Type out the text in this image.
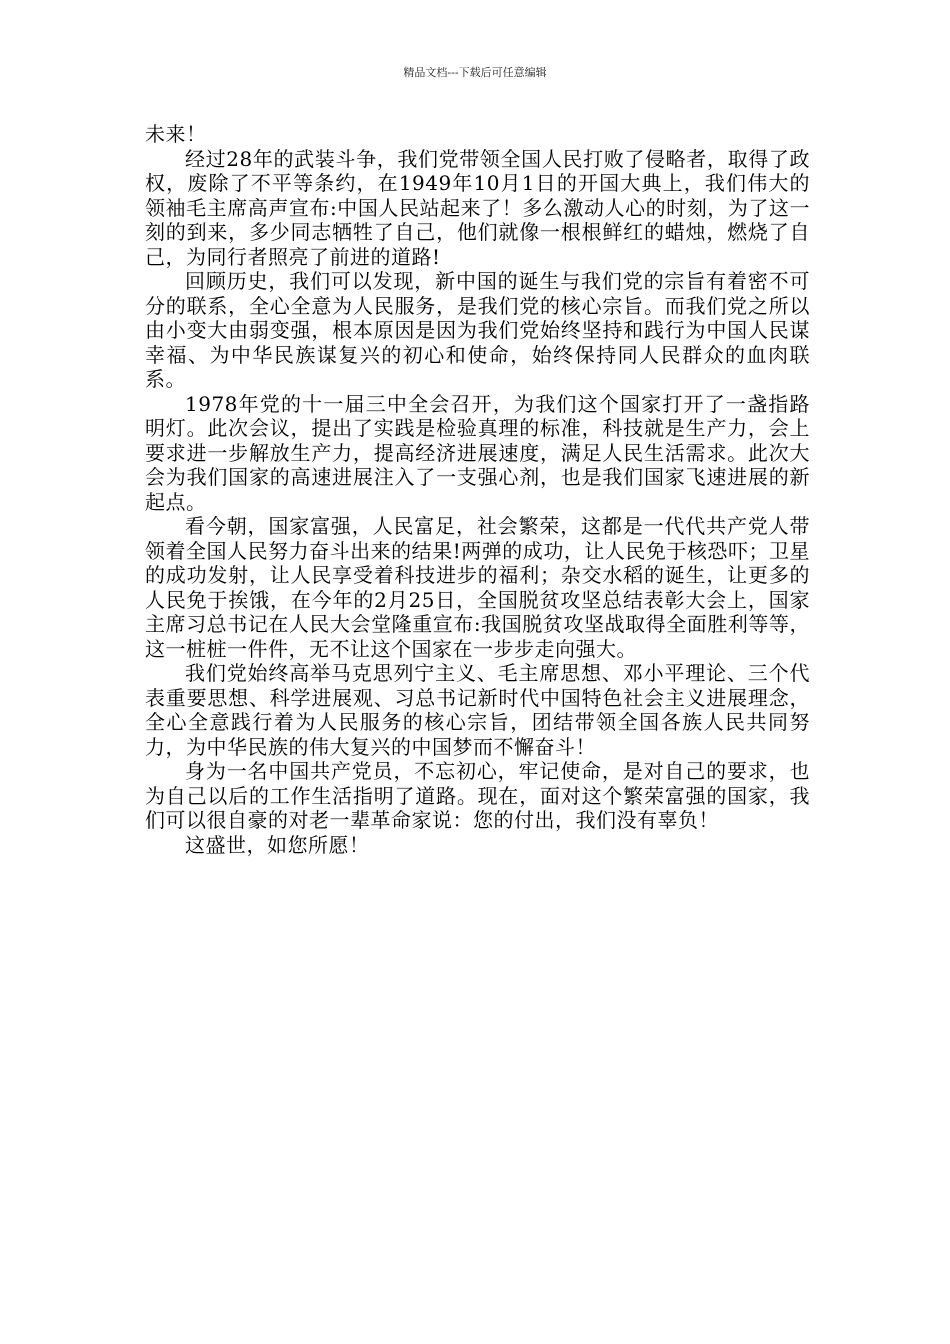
精品文档---下载后可任意编辑

未来！

经过28年的武装斗争，我们党带领全国人民打败了侵略者，取得了政权，废除了不平等条约，在1949年10月1日的开国大典上，我们伟大的领袖毛主席高声宣布:中国人民站起来了！多么激动人心的时刻，为了这一刻的到来，多少同志牺牲了自己，他们就像一根根鲜红的蜡烛，燃烧了自己，为同行者照亮了前进的道路!

回顾历史，我们可以发现，新中国的诞生与我们党的宗旨有着密不可分的联系，全心全意为人民服务，是我们党的核心宗旨。而我们党之所以由小变大由弱变强，根本原因是因为我们党始终坚持和践行为中国人民谋幸福、为中华民族谋复兴的初心和使命，始终保持同人民群众的血肉联系。

1978年党的十一届三中全会召开，为我们这个国家打开了一盏指路明灯。此次会议，提出了实践是检验真理的标准，科技就是生产力，会上要求进一步解放生产力，提高经济进展速度，满足人民生活需求。此次大会为我们国家的高速进展注入了一支强心剂，也是我们国家飞速进展的新起点。

看今朝，国家富强，人民富足，社会繁荣，这都是一代代共产党人带领着全国人民努力奋斗出来的结果!两弹的成功，让人民免于核恐吓；卫星的成功发射，让人民享受着科技进步的福利；杂交水稻的诞生，让更多的人民免于挨饿，在今年的2月25日，全国脱贫攻坚总结表彰大会上，国家主席习总书记在人民大会堂隆重宣布:我国脱贫攻坚战取得全面胜利等等，这一桩桩一件件，无不让这个国家在一步步走向强大。

我们党始终高举马克思列宁主义、毛主席思想、邓小平理论、三个代表重要思想、科学进展观、习总书记新时代中国特色社会主义进展理念，全心全意践行着为人民服务的核心宗旨，团结带领全国各族人民共同努力，为中华民族的伟大复兴的中国梦而不懈奋斗！

身为一名中国共产党员，不忘初心，牢记使命，是对自己的要求，也为自己以后的工作生活指明了道路。现在，面对这个繁荣富强的国家，我们可以很自豪的对老一辈革命家说：您的付出，我们没有辜负！

这盛世，如您所愿！
